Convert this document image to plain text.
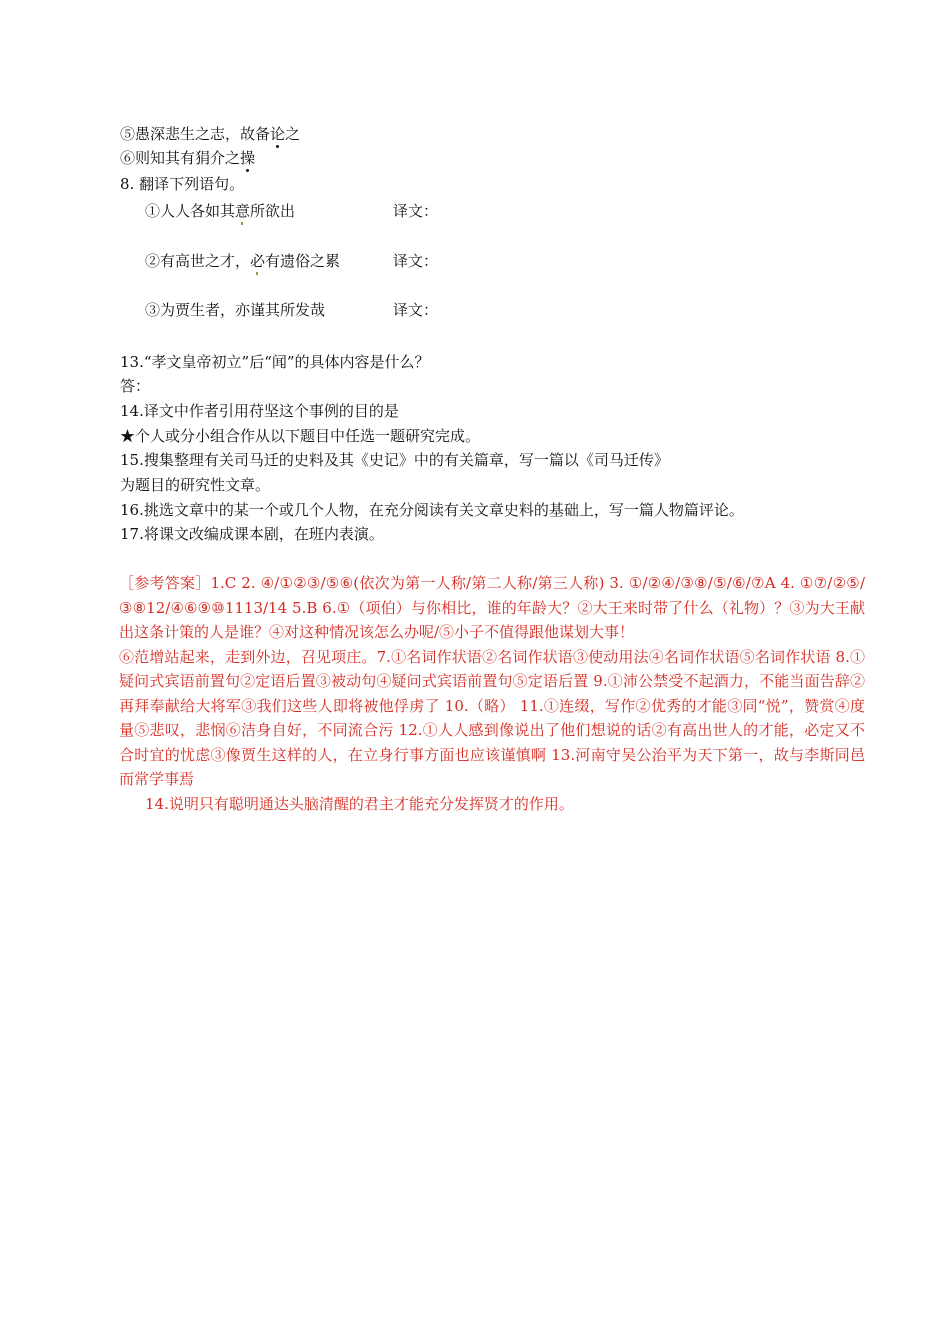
⑤愚深悲生之志，故备论之
⑥则知其有狷介之操
8. 翻译下列语句。
①人人各如其意所欲出	译文：
②有高世之才，必有遗俗之累	译文：
③为贾生者，亦谨其所发哉	译文：
13.“孝文皇帝初立”后“闻”的具体内容是什么？
答：
14.译文中作者引用苻坚这个事例的目的是
★个人或分小组合作从以下题目中任选一题研究完成。
15.搜集整理有关司马迁的史料及其《史记》中的有关篇章，写一篇以《司马迁传》
为题目的研究性文章。
16.挑选文章中的某一个或几个人物，在充分阅读有关文章史料的基础上，写一篇人物篇评论。
17.将课文改编成课本剧，在班内表演。

［参考答案］1.C 2. ④/①②③/⑤⑥(依次为第一人称/第二人称/第三人称) 3. ①/②④/③⑧/⑤/⑥/⑦A 4. ①⑦/②⑤/③⑧12/④⑥⑨⑩1113/14 5.B 6.①（项伯）与你相比，谁的年龄大？②大王来时带了什么（礼物）？③为大王献出这条计策的人是谁？④对这种情况该怎么办呢/⑤小子不值得跟他谋划大事！

⑥范增站起来，走到外边，召见项庄。7.①名词作状语②名词作状语③使动用法④名词作状语⑤名词作状语 8.①疑问式宾语前置句②定语后置③被动句④疑问式宾语前置句⑤定语后置 9.①沛公禁受不起酒力，不能当面告辞②再拜奉献给大将军③我们这些人即将被他俘虏了 10.（略） 11.①连缀，写作②优秀的才能③同“悦”，赞赏④度量⑤悲叹，悲悯⑥洁身自好，不同流合污 12.①人人感到像说出了他们想说的话②有高出世人的才能，必定又不合时宜的忧虑③像贾生这样的人，在立身行事方面也应该谨慎啊 13.河南守吴公治平为天下第一，故与李斯同邑而常学事焉

14.说明只有聪明通达头脑清醒的君主才能充分发挥贤才的作用。
